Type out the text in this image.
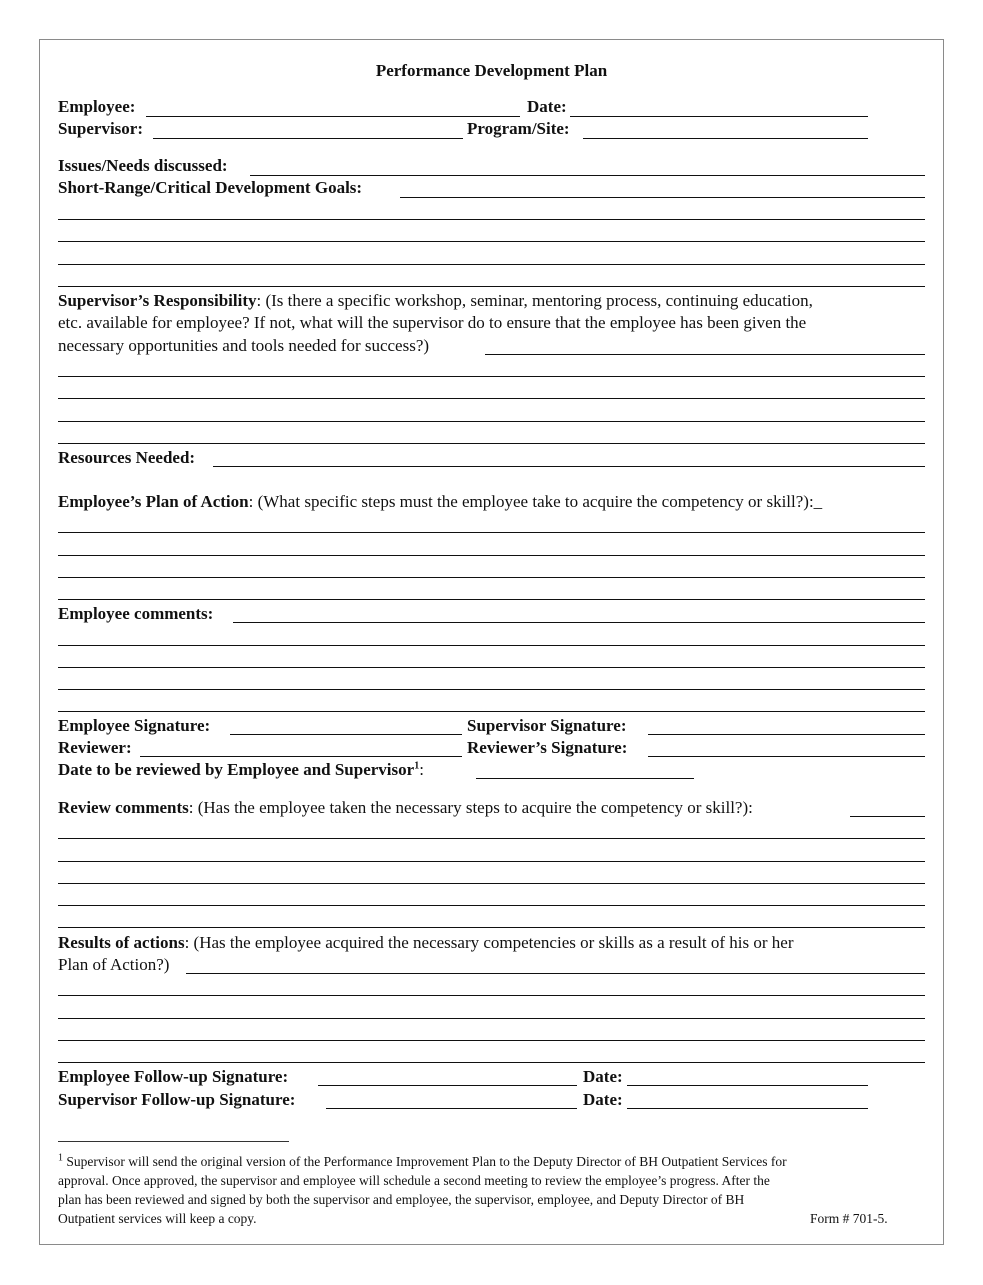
Performance Development Plan
Employee:	Date:
Supervisor:	Program/Site:
Issues/Needs discussed:
Short-Range/Critical Development Goals:
Supervisor’s Responsibility: (Is there a specific workshop, seminar, mentoring process, continuing education,
etc. available for employee? If not, what will the supervisor do to ensure that the employee has been given the
necessary opportunities and tools needed for success?)
Resources Needed:
Employee’s Plan of Action: (What specific steps must the employee take to acquire the competency or skill?):_
Employee comments:
Employee Signature:	Supervisor Signature:
Reviewer:	Reviewer’s Signature:
Date to be reviewed by Employee and Supervisor$^1$:
Review comments: (Has the employee taken the necessary steps to acquire the competency or skill?):
Results of actions: (Has the employee acquired the necessary competencies or skills as a result of his or her
Plan of Action?)
Employee Follow-up Signature:	Date:
Supervisor Follow-up Signature:	Date:
$^1$ Supervisor will send the original version of the Performance Improvement Plan to the Deputy Director of BH Outpatient Services for
approval. Once approved, the supervisor and employee will schedule a second meeting to review the employee’s progress. After the
plan has been reviewed and signed by both the supervisor and employee, the supervisor, employee, and Deputy Director of BH
Outpatient services will keep a copy.	Form # 701-5.
